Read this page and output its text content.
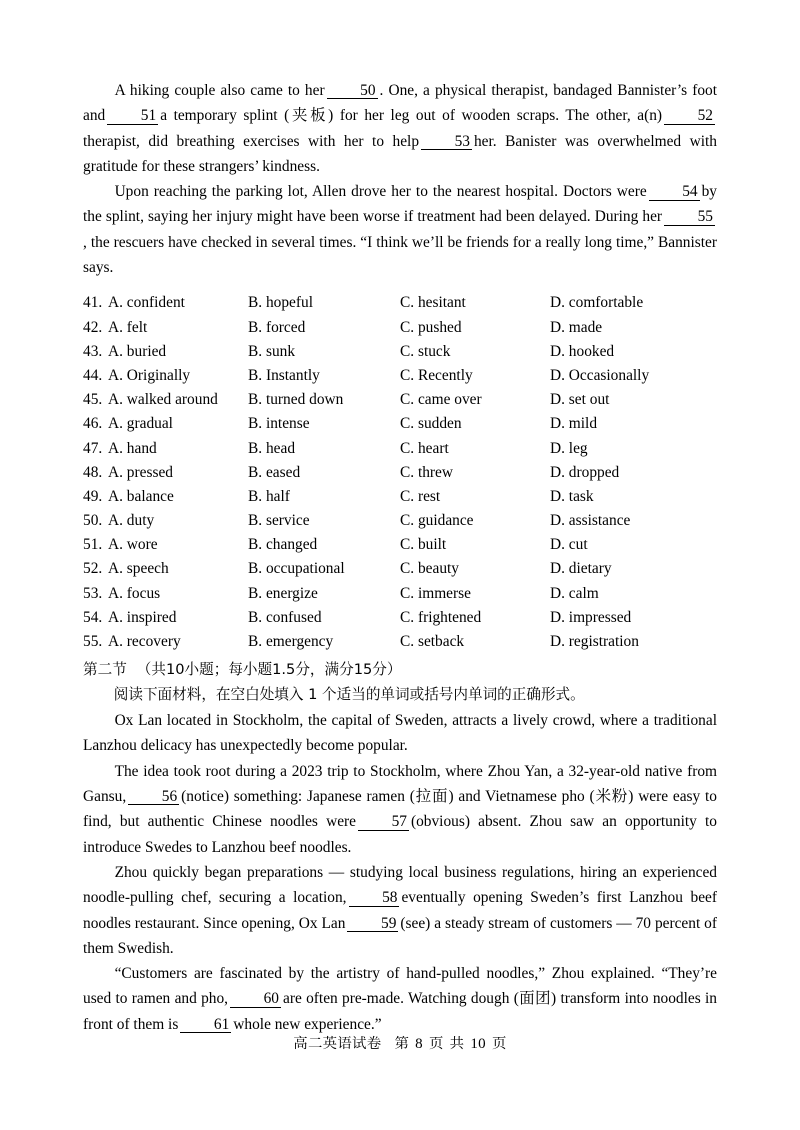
A hiking couple also came to her 50 . One, a physical therapist, bandaged Bannister’s foot and 51 a temporary splint (夹板) for her leg out of wooden scraps. The other, a(n) 52therapist, did breathing exercises with her to help 53 her. Banister was overwhelmed with gratitude for these strangers’ kindness.

Upon reaching the parking lot, Allen drove her to the nearest hospital. Doctors were 54 by the splint, saying her injury might have been worse if treatment had been delayed. During her 55, the rescuers have checked in several times. “I think we’ll be friends for a really long time,” Bannister says.

41. A. confident	B. hopeful	C. hesitant	D. comfortable
42. A. felt	B. forced	C. pushed	D. made
43. A. buried	B. sunk	C. stuck	D. hooked
44. A. Originally	B. Instantly	C. Recently	D. Occasionally
45. A. walked around B. turned down	C. came over	D. set out
46. A. gradual	B. intense	C. sudden	D. mild
47. A. hand	B. head	C. heart	D. leg
48. A. pressed	B. eased	C. threw	D. dropped
49. A. balance	B. half	C. rest	D. task
50. A. duty	B. service	C. guidance	D. assistance
51. A. wore	B. changed	C. built	D. cut
52. A. speech	B. occupational	C. beauty	D. dietary
53. A. focus	B. energize	C. immerse	D. calm
54. A. inspired	B. confused	C. frightened	D. impressed
55. A. recovery	B. emergency	C. setback	D. registration
第二节 （共10小题；每小题1.5分，满分15分）
阅读下面材料，在空白处填入 1 个适当的单词或括号内单词的正确形式。

Ox Lan located in Stockholm, the capital of Sweden, attracts a lively crowd, where a traditional Lanzhou delicacy has unexpectedly become popular.

The idea took root during a 2023 trip to Stockholm, where Zhou Yan, a 32-year-old native from Gansu, 56 (notice) something: Japanese ramen (拉面) and Vietnamese pho (米粉) were easy to find, but authentic Chinese noodles were 57 (obvious) absent. Zhou saw an opportunity to introduce Swedes to Lanzhou beef noodles.

Zhou quickly began preparations — studying local business regulations, hiring an experienced noodle-pulling chef, securing a location, 58 eventually opening Sweden’s first Lanzhou beef noodles restaurant. Since opening, Ox Lan 59 (see) a steady stream of customers — 70 percent of them Swedish.

“Customers are fascinated by the artistry of hand-pulled noodles,” Zhou explained. “They’re used to ramen and pho, 60 are often pre-made. Watching dough (面团) transform into noodles in front of them is 61 whole new experience.”

高二英语试卷 第 8 页 共 10 页
